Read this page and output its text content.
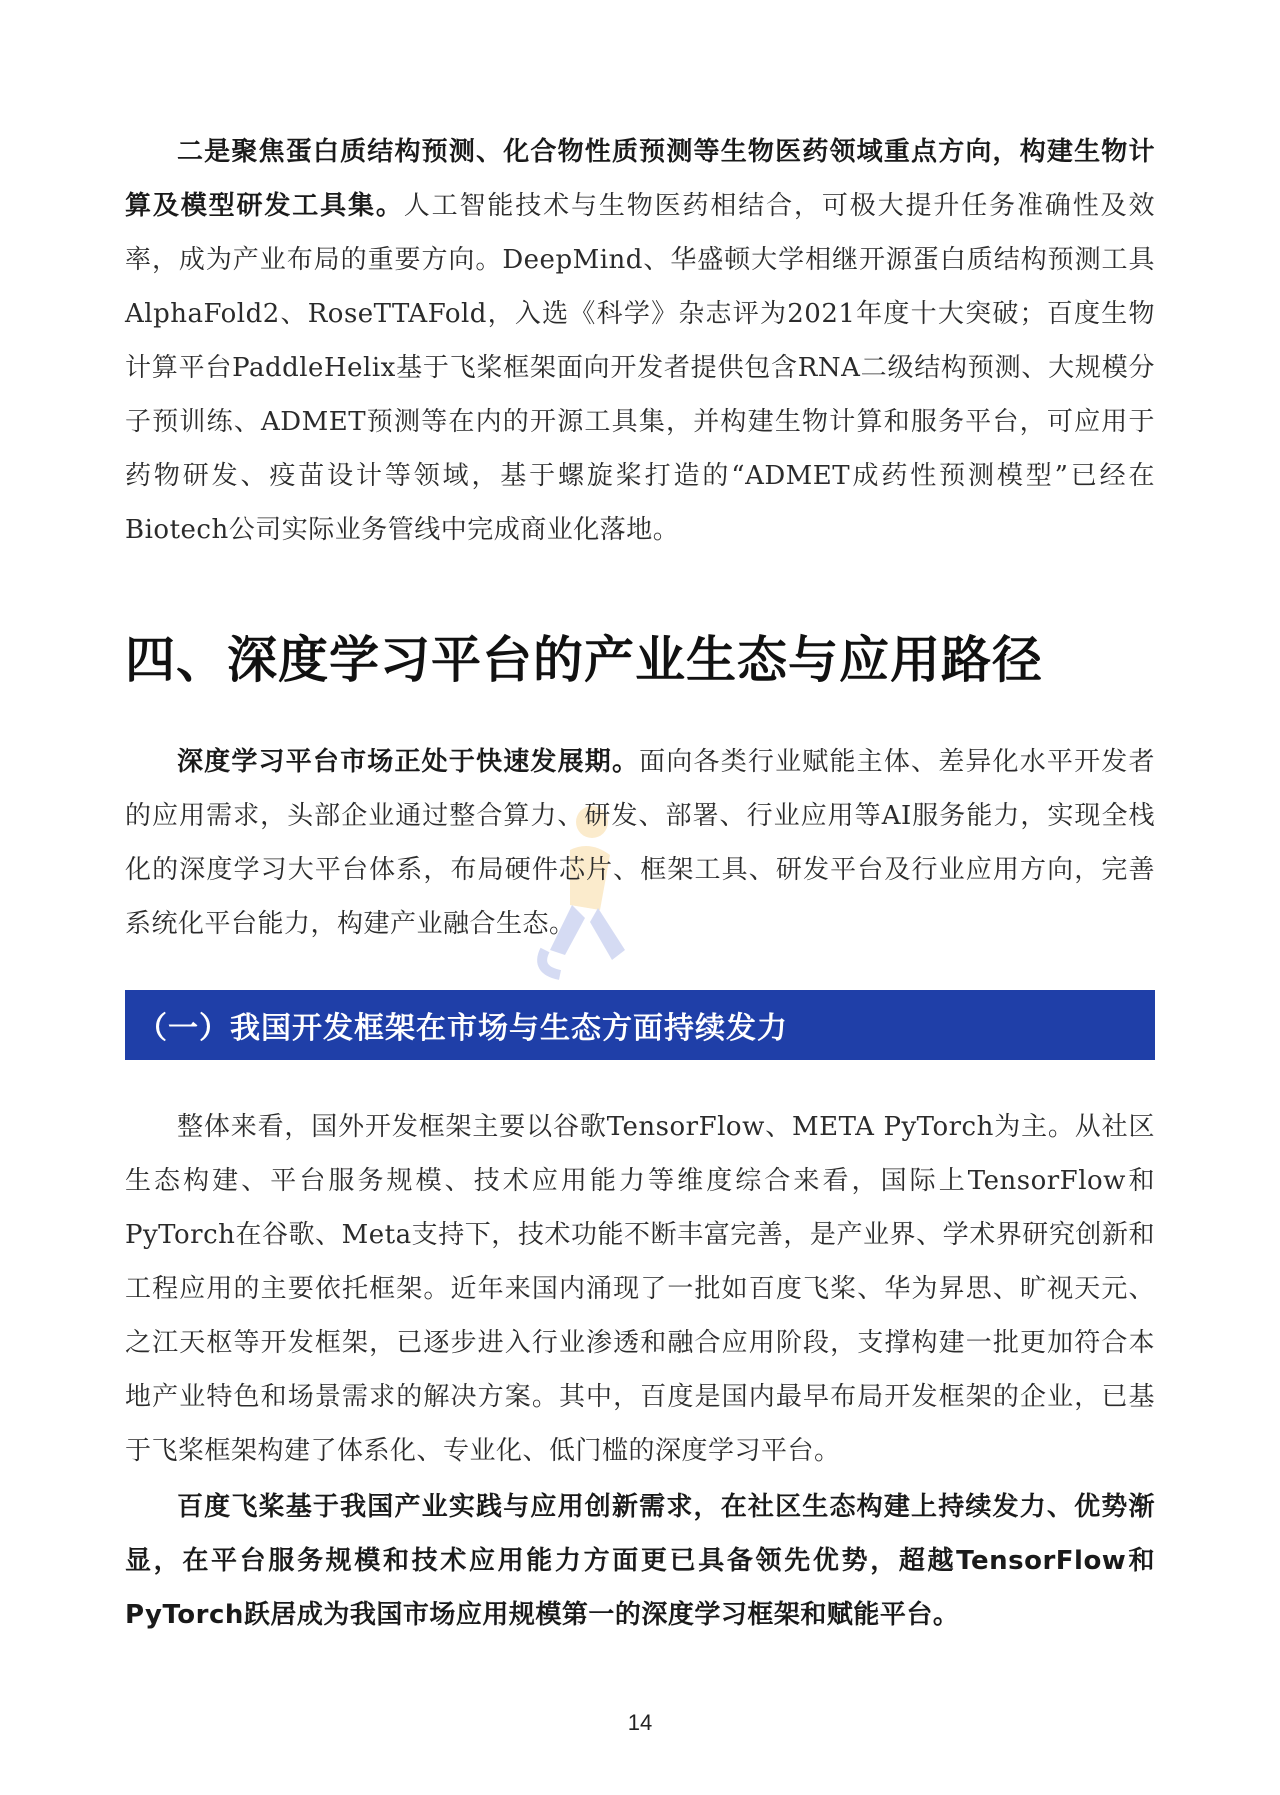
二是聚焦蛋白质结构预测、化合物性质预测等生物医药领域重点方向，构建生物计算及模型研发工具集。人工智能技术与生物医药相结合，可极大提升任务准确性及效率，成为产业布局的重要方向。DeepMind、华盛顿大学相继开源蛋白质结构预测工具AlphaFold2、RoseTTAFold，入选《科学》杂志评为2021年度十大突破；百度生物计算平台PaddleHelix基于飞桨框架面向开发者提供包含RNA二级结构预测、大规模分子预训练、ADMET预测等在内的开源工具集，并构建生物计算和服务平台，可应用于药物研发、疫苗设计等领域，基于螺旋桨打造的“ADMET成药性预测模型”已经在Biotech公司实际业务管线中完成商业化落地。

四、深度学习平台的产业生态与应用路径

深度学习平台市场正处于快速发展期。面向各类行业赋能主体、差异化水平开发者的应用需求，头部企业通过整合算力、研发、部署、行业应用等AI服务能力，实现全栈化的深度学习大平台体系，布局硬件芯片、框架工具、研发平台及行业应用方向，完善系统化平台能力，构建产业融合生态。

（一）我国开发框架在市场与生态方面持续发力

整体来看，国外开发框架主要以谷歌TensorFlow、META PyTorch为主。从社区生态构建、平台服务规模、技术应用能力等维度综合来看，国际上TensorFlow和PyTorch在谷歌、Meta支持下，技术功能不断丰富完善，是产业界、学术界研究创新和工程应用的主要依托框架。近年来国内涌现了一批如百度飞桨、华为昇思、旷视天元、之江天枢等开发框架，已逐步进入行业渗透和融合应用阶段，支撑构建一批更加符合本地产业特色和场景需求的解决方案。其中，百度是国内最早布局开发框架的企业，已基于飞桨框架构建了体系化、专业化、低门槛的深度学习平台。

百度飞桨基于我国产业实践与应用创新需求，在社区生态构建上持续发力、优势渐显，在平台服务规模和技术应用能力方面更已具备领先优势，超越TensorFlow和PyTorch跃居成为我国市场应用规模第一的深度学习框架和赋能平台。

14
